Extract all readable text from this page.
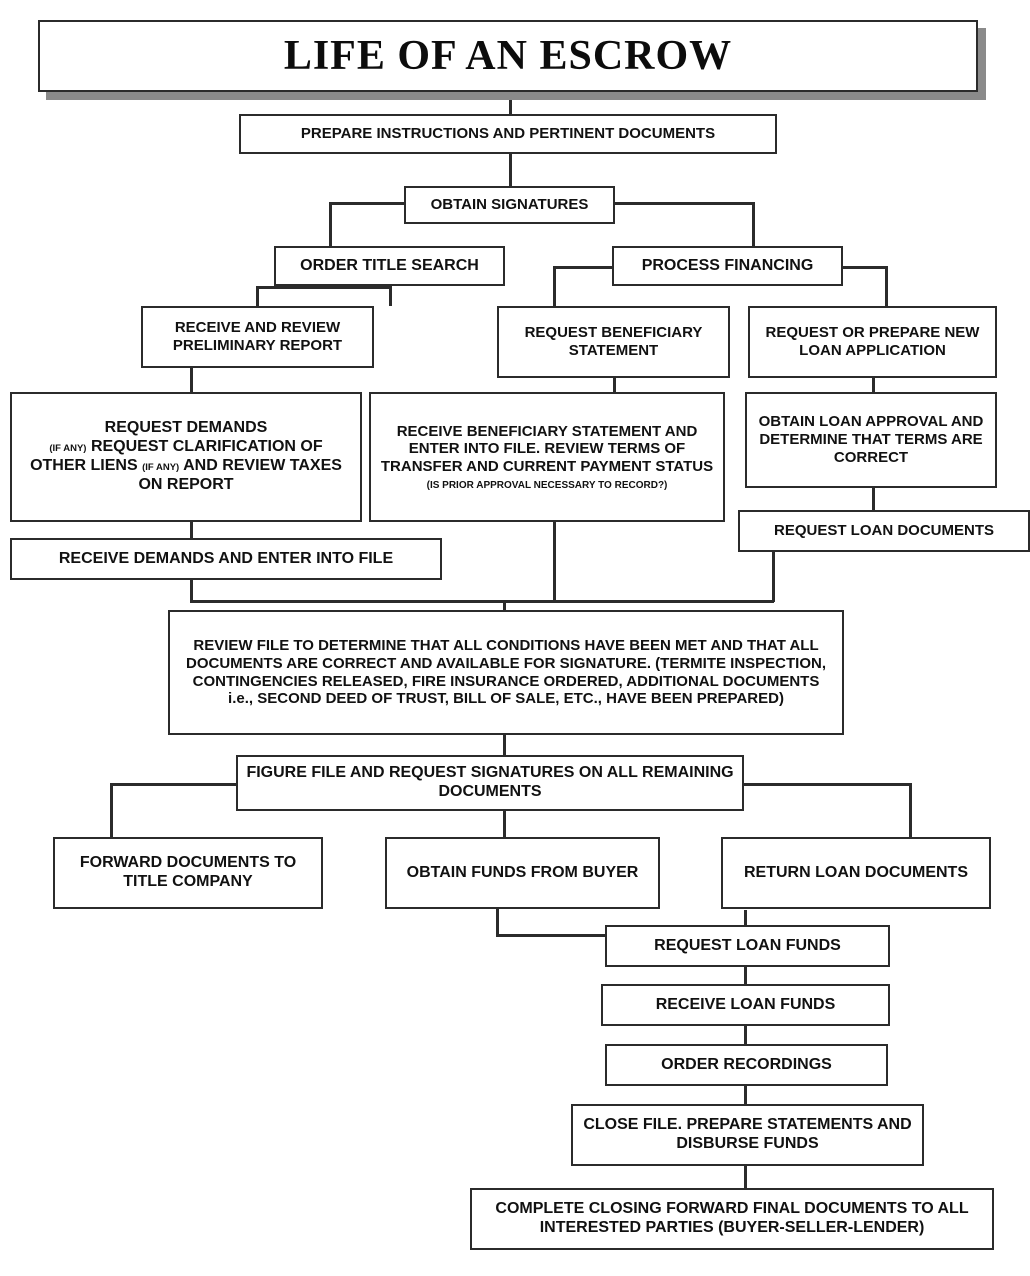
LIFE OF AN ESCROW
PREPARE INSTRUCTIONS AND PERTINENT DOCUMENTS
OBTAIN SIGNATURES
ORDER TITLE SEARCH	PROCESS FINANCING
RECEIVE AND REVIEW PRELIMINARY REPORT
REQUEST BENEFICIARY STATEMENT
REQUEST OR PREPARE NEW LOAN APPLICATION
REQUEST DEMANDS
(IF ANY) REQUEST CLARIFICATION OF OTHER LIENS (IF ANY) AND REVIEW TAXES ON REPORT
RECEIVE BENEFICIARY STATEMENT AND ENTER INTO FILE. REVIEW TERMS OF TRANSFER AND CURRENT PAYMENT STATUS
(IS PRIOR APPROVAL NECESSARY TO RECORD?)
OBTAIN LOAN APPROVAL AND DETERMINE THAT TERMS ARE CORRECT
REQUEST LOAN DOCUMENTS
RECEIVE DEMANDS AND ENTER INTO FILE
REVIEW FILE TO DETERMINE THAT ALL CONDITIONS HAVE BEEN MET AND THAT ALL DOCUMENTS ARE CORRECT AND AVAILABLE FOR SIGNATURE. (TERMITE INSPECTION, CONTINGENCIES RELEASED, FIRE INSURANCE ORDERED, ADDITIONAL DOCUMENTS i.e., SECOND DEED OF TRUST, BILL OF SALE, ETC., HAVE BEEN PREPARED)
FIGURE FILE AND REQUEST SIGNATURES ON ALL REMAINING DOCUMENTS
FORWARD DOCUMENTS TO TITLE COMPANY
OBTAIN FUNDS FROM BUYER	RETURN LOAN DOCUMENTS
REQUEST LOAN FUNDS
RECEIVE LOAN FUNDS
ORDER RECORDINGS
CLOSE FILE. PREPARE STATEMENTS AND DISBURSE FUNDS
COMPLETE CLOSING FORWARD FINAL DOCUMENTS TO ALL INTERESTED PARTIES (BUYER-SELLER-LENDER)
